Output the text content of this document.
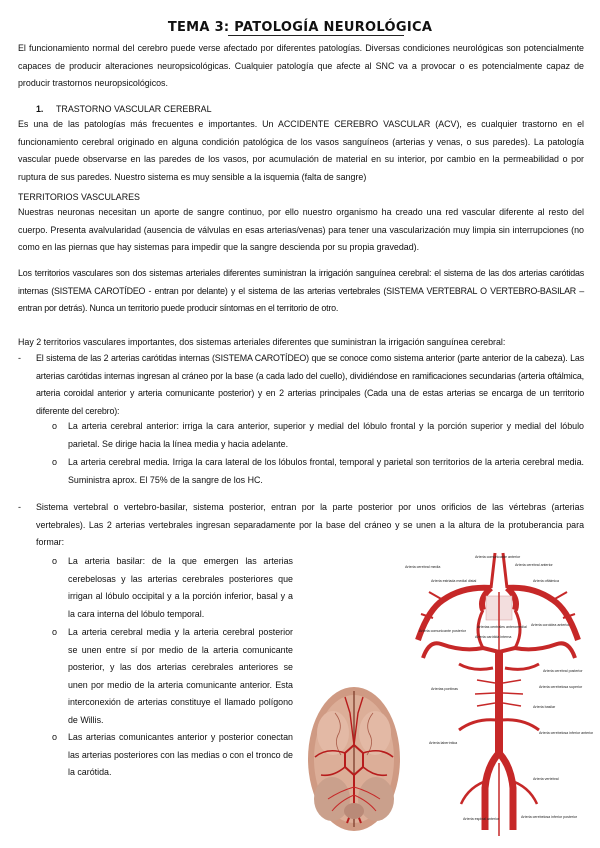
TEMA 3: PATOLOGÍA NEUROLÓGICA

El funcionamiento normal del cerebro puede verse afectado por diferentes patologías. Diversas condiciones neurológicas son potencialmente capaces de producir alteraciones neuropsicológicas. Cualquier patología que afecte al SNC va a provocar o es potencialmente capaz de producir trastornos neuropsicológicos.

1. TRASTORNO VASCULAR CEREBRAL

Es una de las patologías más frecuentes e importantes. Un ACCIDENTE CEREBRO VASCULAR (ACV), es cualquier trastorno en el funcionamiento cerebral originado en alguna condición patológica de los vasos sanguíneos (arterias y venas, o sus paredes). La patología vascular puede observarse en las paredes de los vasos, por acumulación de material en su interior, por cambio en la permeabilidad o por ruptura de sus paredes. Nuestro sistema es muy sensible a la isquemia (falta de sangre)

TERRITORIOS VASCULARES

Nuestras neuronas necesitan un aporte de sangre continuo, por ello nuestro organismo ha creado una red vascular diferente al resto del cuerpo. Presenta avalvularidad (ausencia de válvulas en esas arterias/venas) para tener una vascularización muy limpia sin interrupciones (no como en las piernas que hay sistemas para impedir que la sangre descienda por su propia gravedad).

Los territorios vasculares son dos sistemas arteriales diferentes suministran la irrigación sanguínea cerebral: el sistema de las dos arterias carótidas internas (SISTEMA CAROTÍDEO - entran por delante) y el sistema de las arterias vertebrales (SISTEMA VERTEBRAL O VERTEBRO-BASILAR – entran por detrás). Nunca un territorio puede producir síntomas en el territorio de otro.

Hay 2 territorios vasculares importantes, dos sistemas arteriales diferentes que suministran la irrigación sanguínea cerebral:

- El sistema de las 2 arterias carótidas internas (SISTEMA CAROTÍDEO) que se conoce como sistema anterior (parte anterior de la cabeza). Las arterias carótidas internas ingresan al cráneo por la base (a cada lado del cuello), dividiéndose en ramificaciones secundarias (arteria oftálmica, arteria coroidal anterior y arteria comunicante posterior) y en 2 arterias principales (Cada una de estas arterias se encarga de un territorio diferente del cerebro):

o La arteria cerebral anterior: irriga la cara anterior, superior y medial del lóbulo frontal y la porción superior y medial del lóbulo parietal. Se dirige hacia la línea media y hacia adelante.

o La arteria cerebral media. Irriga la cara lateral de los lóbulos frontal, temporal y parietal son territorios de la arteria cerebral media. Suministra aprox. El 75% de la sangre de los HC.

- Sistema vertebral o vertebro-basilar, sistema posterior, entran por la parte posterior por unos orificios de las vértebras (arterias vertebrales). Las 2 arterias vertebrales ingresan separadamente por la base del cráneo y se unen a la altura de la protuberancia para formar:

o La arteria basilar: de la que emergen las arterias cerebelosas y las arterias cerebrales posteriores que irrigan al lóbulo occipital y a la porción inferior, basal y a la cara interna del lóbulo temporal.

o La arteria cerebral media y la arteria cerebral posterior se unen entre sí por medio de la arteria comunicante posterior, y las dos arterias cerebrales anteriores se unen por medio de la arteria comunicante anterior. Esta interconexión de arterias constituye el llamado polígono de Willis.

o Las arterias comunicantes anterior y posterior conectan las arterias posteriores con las medias o con el tronco de la carótida.

Arteria comunicante anterior
Arteria cerebral anterior
Arteria cerebral media
Arteria estriada medial distal	Arteria oftálmica
Arterias centrales anteromedial
Arteria carótida interna
Arteria coroidea anterior
Arteria comunicante posterior
Arteria cerebral posterior
Arteria cerebelosa superior
Arterias pontinas
Arteria basilar
Arteria cerebelosa inferior anterior
Arteria laberíntica
Arteria vertebral
Arteria espinal anterior	Arteria cerebelosa inferior posterior
